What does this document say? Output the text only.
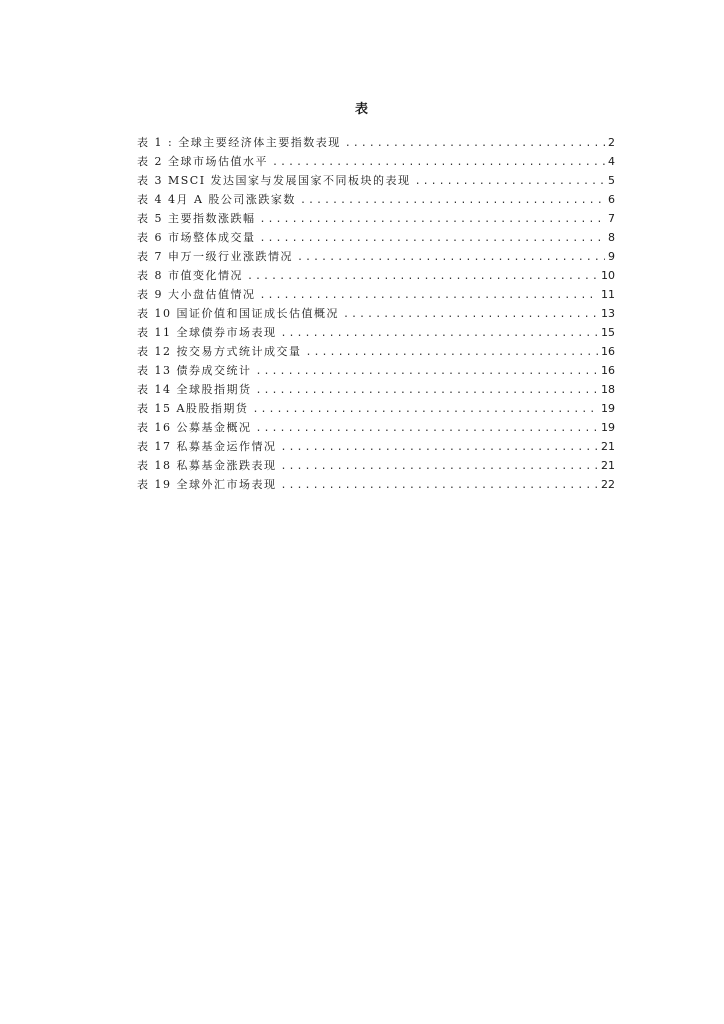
表
表 1 : 全球主要经济体主要指数表现 .....	2
表 2 全球市场估值水平 .....	4
表 3 MSCI 发达国家与发展国家不同板块的表现 .....	5
表 4 4月 A 股公司涨跌家数 .....	6
表 5 主要指数涨跌幅 .....	7
表 6 市场整体成交量 .....	8
表 7 申万一级行业涨跌情况 .....	9
表 8 市值变化情况 .....	10
表 9 大小盘估值情况 .....	11
表 10 国证价值和国证成长估值概况 .....	13
表 11 全球债券市场表现 .....	15
表 12 按交易方式统计成交量 .....	16
表 13 债券成交统计 .....	16
表 14 全球股指期货 .....	18
表 15 A股股指期货 .....	19
表 16 公募基金概况 .....	19
表 17 私募基金运作情况 .....	21
表 18 私募基金涨跌表现 .....	21
表 19 全球外汇市场表现 .....	22
